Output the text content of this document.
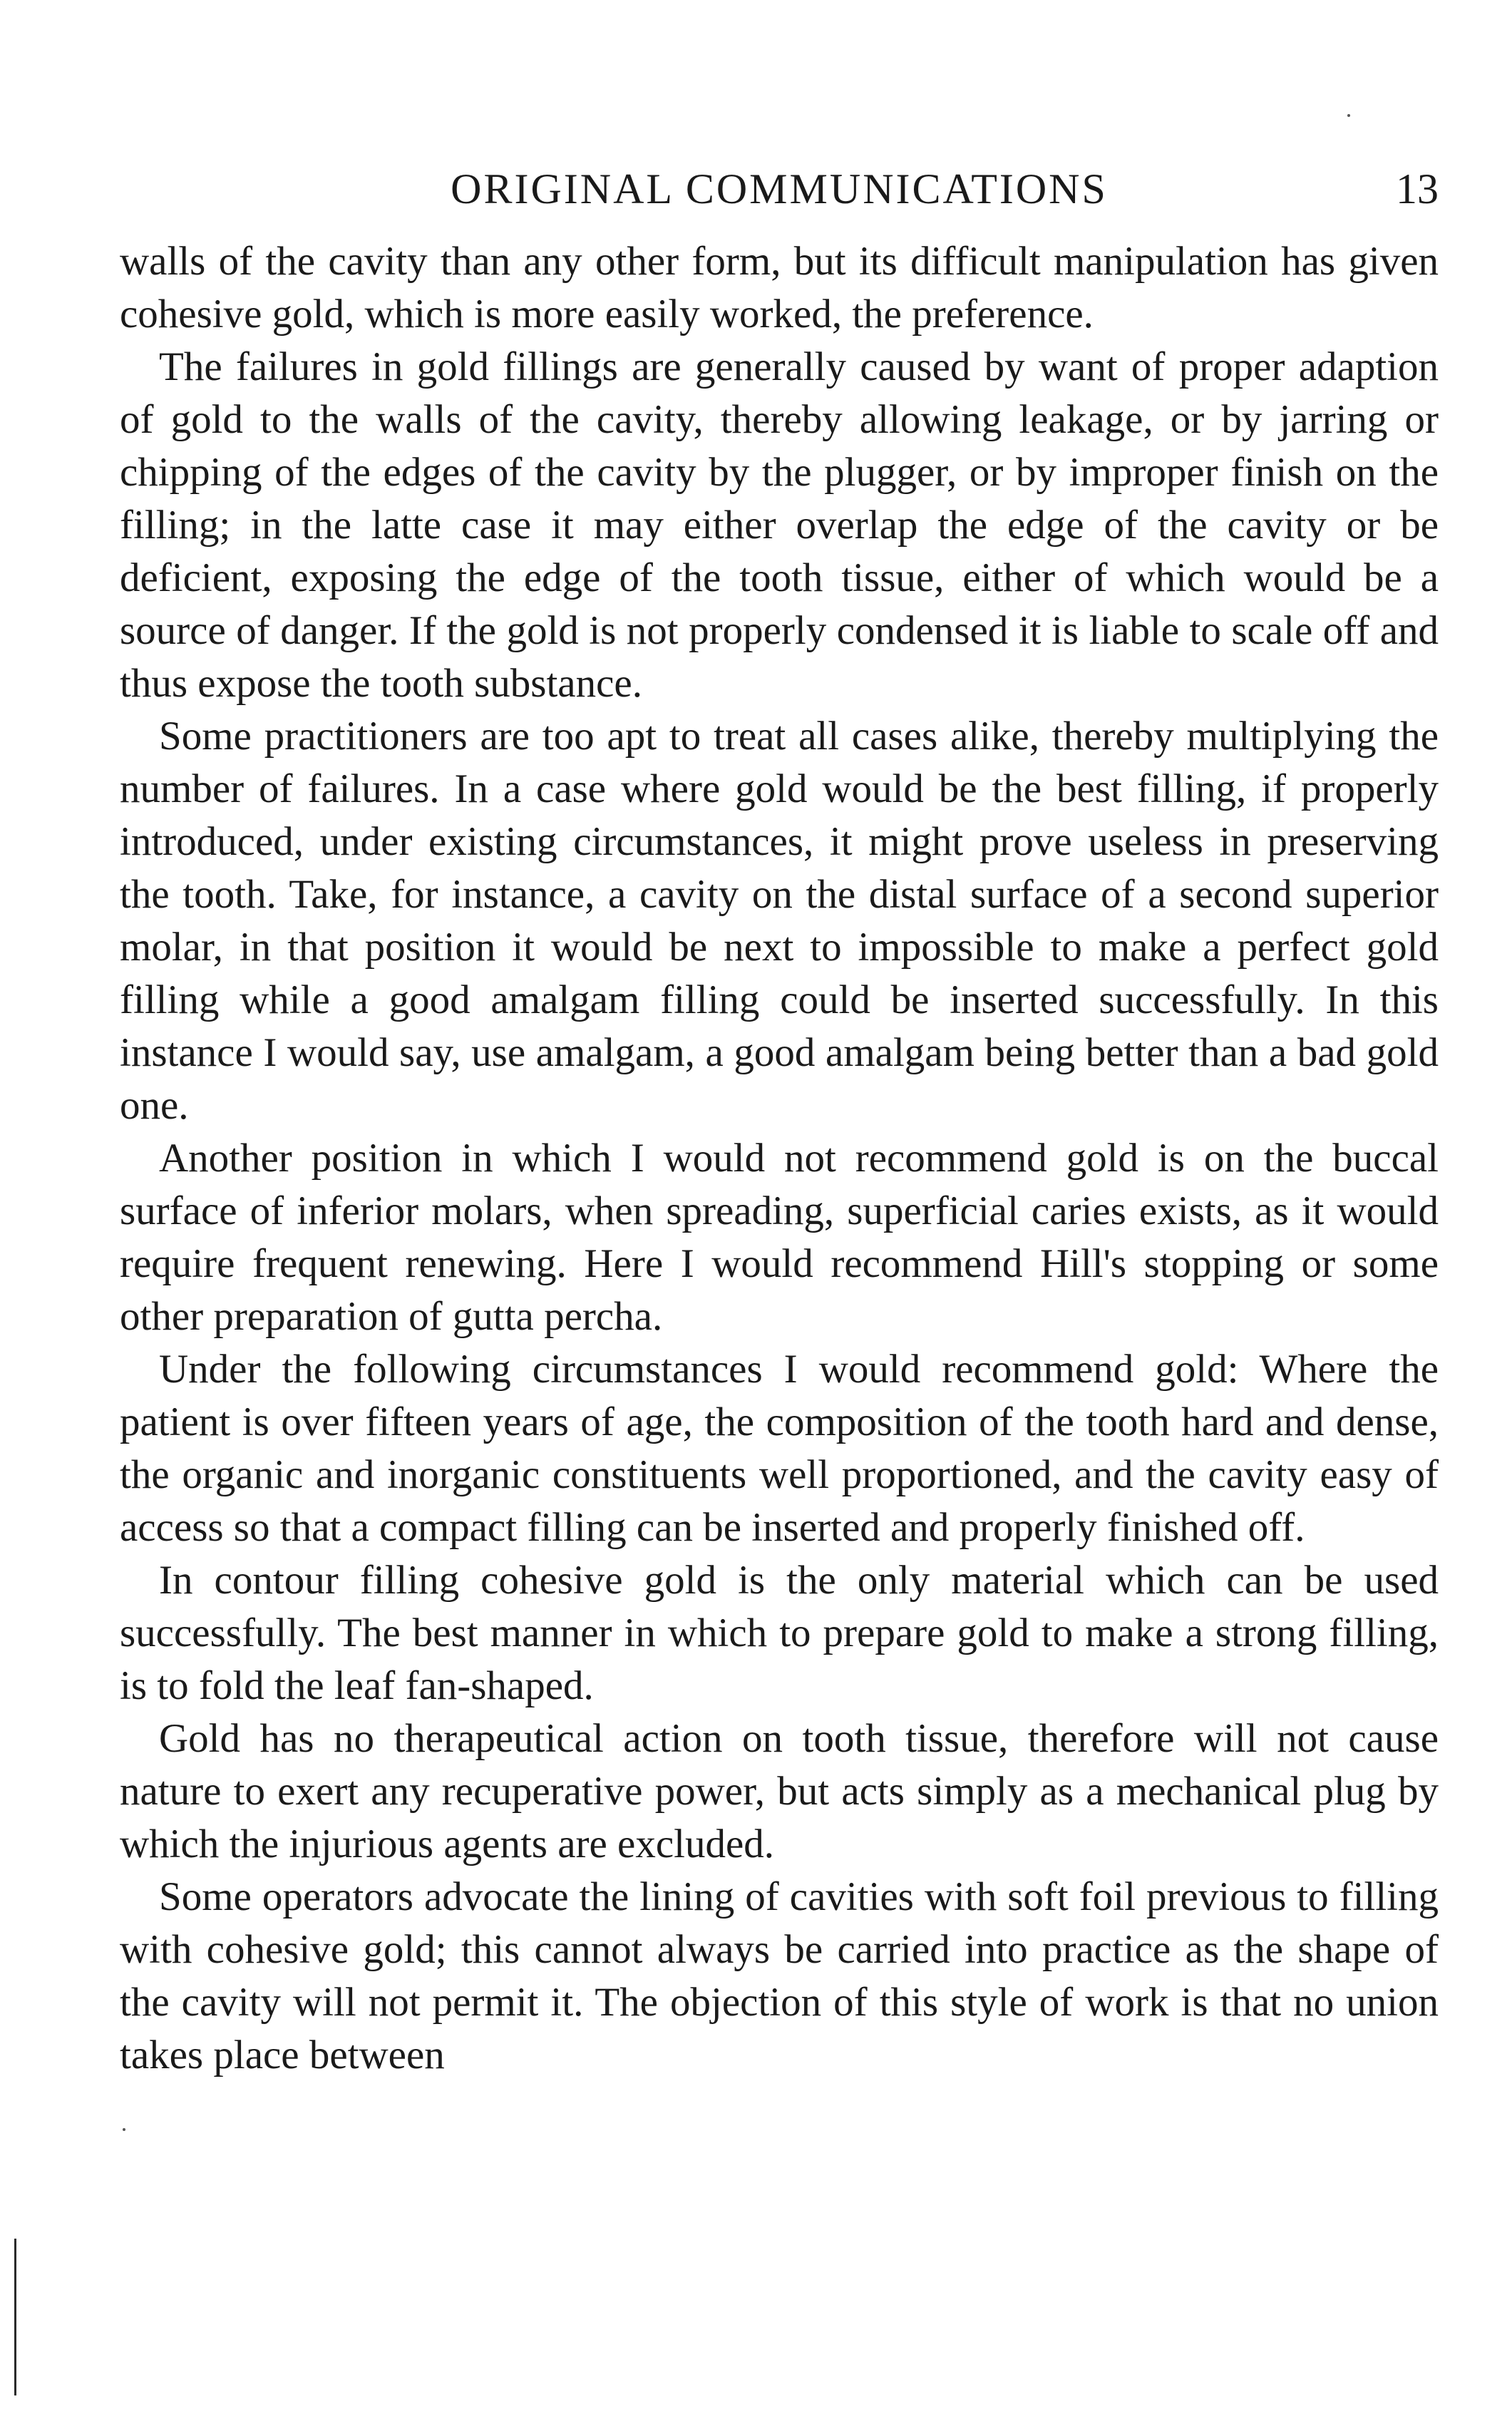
ORIGINAL COMMUNICATIONS	13

walls of the cavity than any other form, but its difficult manipulation has given cohesive gold, which is more easily worked, the preference.

The failures in gold fillings are generally caused by want of proper adaption of gold to the walls of the cavity, thereby allowing leakage, or by jarring or chipping of the edges of the cavity by the plugger, or by improper finish on the filling; in the latte case it may either overlap the edge of the cavity or be deficient, exposing the edge of the tooth tissue, either of which would be a source of danger. If the gold is not properly condensed it is liable to scale off and thus expose the tooth substance.

Some practitioners are too apt to treat all cases alike, thereby multiplying the number of failures. In a case where gold would be the best filling, if properly introduced, under existing circumstances, it might prove useless in preserving the tooth. Take, for instance, a cavity on the distal surface of a second superior molar, in that position it would be next to impossible to make a perfect gold filling while a good amalgam filling could be inserted successfully. In this instance I would say, use amalgam, a good amalgam being better than a bad gold one.

Another position in which I would not recommend gold is on the buccal surface of inferior molars, when spreading, superficial caries exists, as it would require frequent renewing. Here I would recommend Hill's stopping or some other preparation of gutta percha.

Under the following circumstances I would recommend gold: Where the patient is over fifteen years of age, the composition of the tooth hard and dense, the organic and inorganic constituents well proportioned, and the cavity easy of access so that a compact filling can be inserted and properly finished off.

In contour filling cohesive gold is the only material which can be used successfully. The best manner in which to prepare gold to make a strong filling, is to fold the leaf fan-shaped.

Gold has no therapeutical action on tooth tissue, therefore will not cause nature to exert any recuperative power, but acts simply as a mechanical plug by which the injurious agents are excluded.

Some operators advocate the lining of cavities with soft foil previous to filling with cohesive gold; this cannot always be carried into practice as the shape of the cavity will not permit it. The objection of this style of work is that no union takes place between
